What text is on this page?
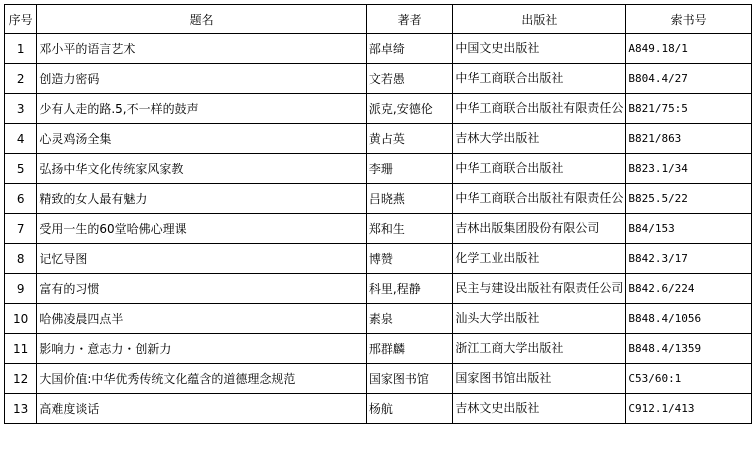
序号	题名	著者	出版社	索书号
1	邓小平的语言艺术	部卓绮	中国文史出版社	A849.18/1
2	创造力密码	文若愚	中华工商联合出版社	B804.4/27
3	少有人走的路.5,不一样的鼓声	派克,安德伦	中华工商联合出版社有限责任公	B821/75:5
4	心灵鸡汤全集	黄占英	吉林大学出版社	B821/863
5	弘扬中华文化传统家风家教	李珊	中华工商联合出版社	B823.1/34
6	精致的女人最有魅力	吕晓燕	中华工商联合出版社有限责任公	B825.5/22
7	受用一生的60堂哈佛心理课	郑和生	吉林出版集团股份有限公司	B84/153
8	记忆导图	博赞	化学工业出版社	B842.3/17
9	富有的习惯	科里,程静	民主与建设出版社有限责任公司	B842.6/224
10	哈佛凌晨四点半	素泉	汕头大学出版社	B848.4/1056
11	影响力・意志力・创新力	邢群麟	浙江工商大学出版社	B848.4/1359
12	大国价值:中华优秀传统文化蕴含的道德理念规范	国家图书馆	国家图书馆出版社	C53/60:1
13	高难度谈话	杨航	吉林文史出版社	C912.1/413
